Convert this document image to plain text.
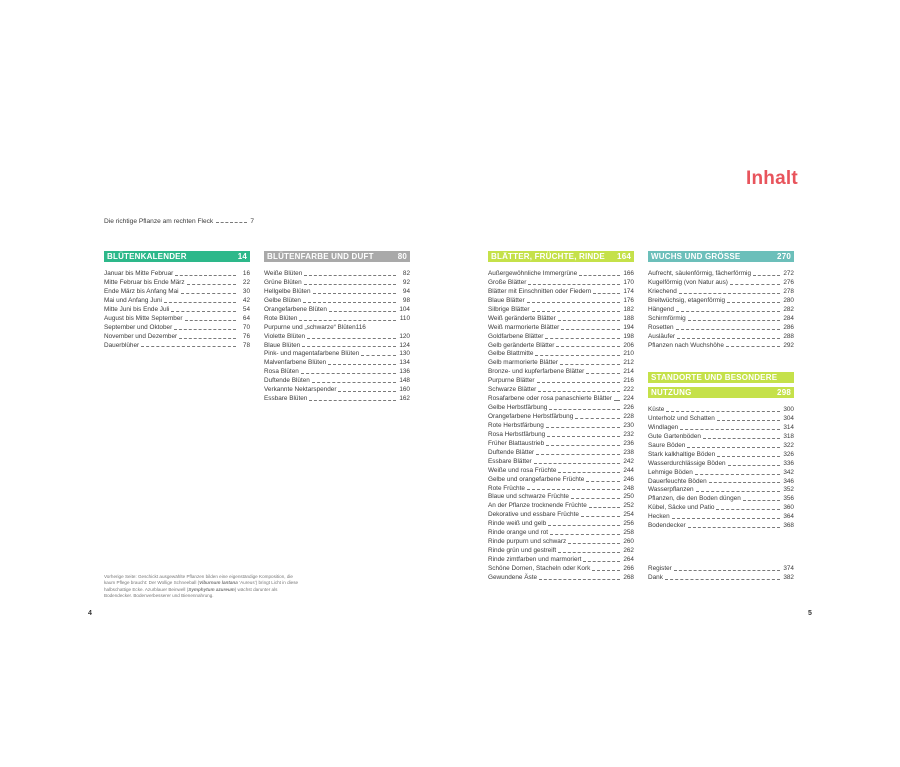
Inhalt
Die richtige Pflanze am rechten Fleck	7
BLÜTENKALENDER	14
Januar bis Mitte Februar	16
Mitte Februar bis Ende März	22
Ende März bis Anfang Mai	30
Mai und Anfang Juni	42
Mitte Juni bis Ende Juli	54
August bis Mitte September	64
September und Oktober	70
November und Dezember	76
Dauerblüher	78
BLÜTENFARBE UND DUFT	80
Weiße Blüten	82
Grüne Blüten	92
Hellgelbe Blüten	94
Gelbe Blüten	98
Orangefarbene Blüten	104
Rote Blüten	110
Purpurne und „schwarze“ Blüten116
Violette Blüten	120
Blaue Blüten	124
Pink- und magentafarbene Blüten	130
Malvenfarbene Blüten	134
Rosa Blüten	136
Duftende Blüten	148
Verkannte Nektarspender	160
Essbare Blüten	162
BLÄTTER, FRÜCHTE, RINDE 164
Außergewöhnliche Immergrüne	166
Große Blätter	170
Blätter mit Einschnitten oder Fiedern	174
Blaue Blätter	176
Silbrige Blätter	182
Weiß geränderte Blätter	188
Weiß marmorierte Blätter	194
Goldfarbene Blätter	198
Gelb geränderte Blätter	206
Gelbe Blattmitte	210
Gelb marmorierte Blätter	212
Bronze- und kupferfarbene Blätter	214
Purpurne Blätter	216
Schwarze Blätter	222
Rosafarbene oder rosa panaschierte Blätter 224
Gelbe Herbstfärbung	226
Orangefarbene Herbstfärbung	228
Rote Herbstfärbung	230
Rosa Herbstfärbung	232
Früher Blattaustrieb	236
Duftende Blätter	238
Essbare Blätter	242
Weiße und rosa Früchte	244
Gelbe und orangefarbene Früchte	246
Rote Früchte	248
Blaue und schwarze Früchte	250
An der Pflanze trocknende Früchte	252
Dekorative und essbare Früchte	254
Rinde weiß und gelb	256
Rinde orange und rot	258
Rinde purpurn und schwarz	260
Rinde grün und gestreift	262
Rinde zimtfarben und marmoriert	264
Schöne Dornen, Stacheln oder Kork	266
Gewundene Äste	268
WUCHS UND GRÖSSE	270
Aufrecht, säulenförmig, fächerförmig	272
Kugelförmig (von Natur aus)	276
Kriechend	278
Breitwüchsig, etagenförmig	280
Hängend	282
Schirmförmig	284
Rosetten	286
Ausläufer	288
Pflanzen nach Wuchshöhe	292
STANDORTE UND BESONDERE
NUTZUNG	298
Küste	300
Unterholz und Schatten	304
Windlagen	314
Gute Gartenböden	318
Saure Böden	322
Stark kalkhaltige Böden	326
Wasserdurchlässige Böden	336
Lehmige Böden	342
Dauerfeuchte Böden	346
Wasserpflanzen	352
Pflanzen, die den Boden düngen	356
Kübel, Säcke und Patio	360
Hecken	364
Bodendecker	368
Register	374
Dank	382
Vorherige Seite: Geschickt ausgewählte Pflanzen bilden eine eigenständige Komposition, die kaum Pflege braucht: Der Wollige Schneeball (Viburnum lantana ‘Aureus’) bringt Licht in diese halbschattige Ecke. Azurblauer Beinwell (Symphytum azureum) wächst darunter als Bodendecker. Bodenverbesserer und Bienennahrung.
4	5
